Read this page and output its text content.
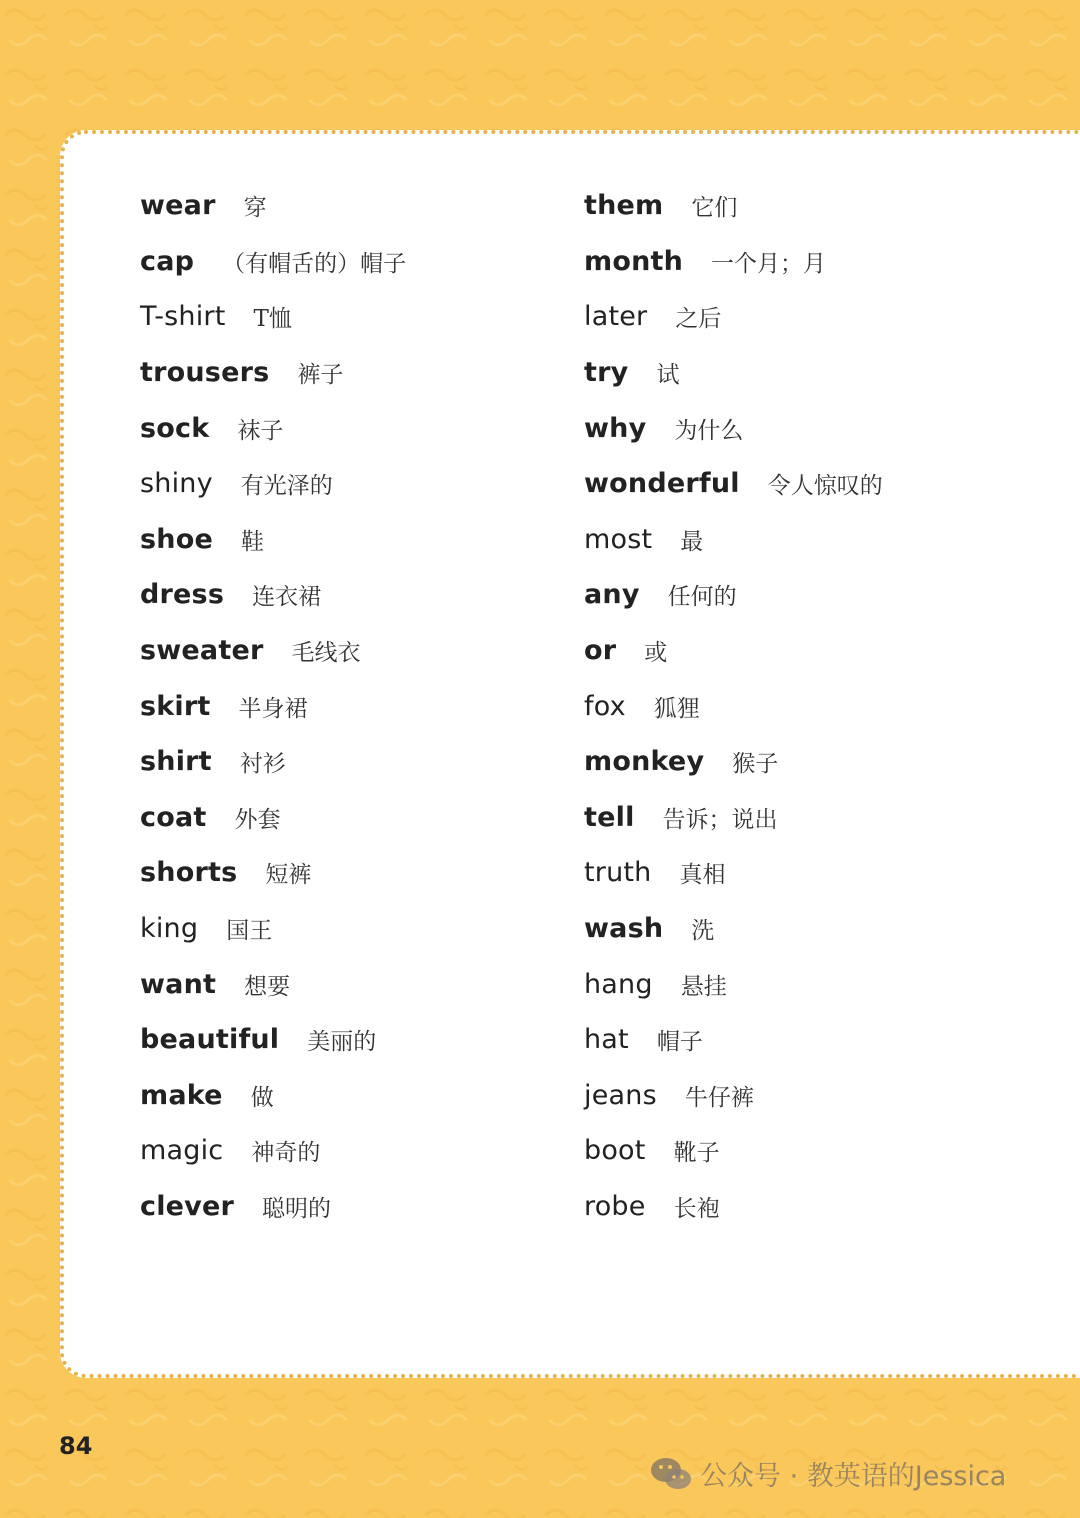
wear 穿
cap （有帽舌的）帽子
T-shirt T恤
trousers 裤子
sock 袜子
shiny 有光泽的
shoe 鞋
dress 连衣裙
sweater 毛线衣
skirt 半身裙
shirt 衬衫
coat 外套
shorts 短裤
king 国王
want 想要
beautiful 美丽的
make 做
magic 神奇的
clever 聪明的
them 它们
month 一个月；月
later 之后
try 试
why 为什么
wonderful 令人惊叹的
most 最
any 任何的
or 或
fox 狐狸
monkey 猴子
tell 告诉；说出
truth 真相
wash 洗
hang 悬挂
hat 帽子
jeans 牛仔裤
boot 靴子
robe 长袍
84
公众号 · 教英语的Jessica
